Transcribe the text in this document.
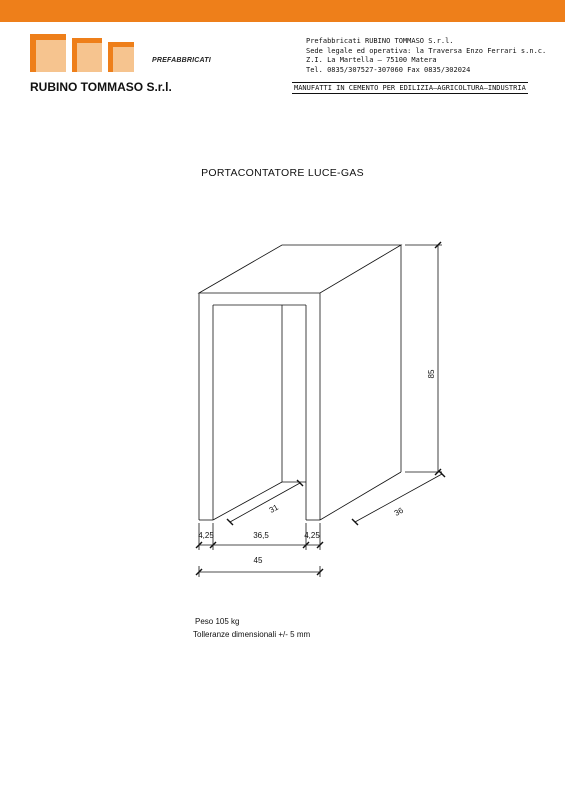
PREFABBRICATI
RUBINO TOMMASO S.r.l.
Prefabbricati RUBINO TOMMASO S.r.l.
Sede legale ed operativa: la Traversa Enzo Ferrari s.n.c.
Z.I. La Martella — 75100 Matera
Tel. 0835/307527-307060 Fax 0835/302024
MANUFATTI IN CEMENTO PER EDILIZIA–AGRICOLTURA–INDUSTRIA
PORTACONTATORE LUCE-GAS
85
36
31
4,25	36,5	4,25
45
Peso 105 kg
Tolleranze dimensionali +/- 5 mm
